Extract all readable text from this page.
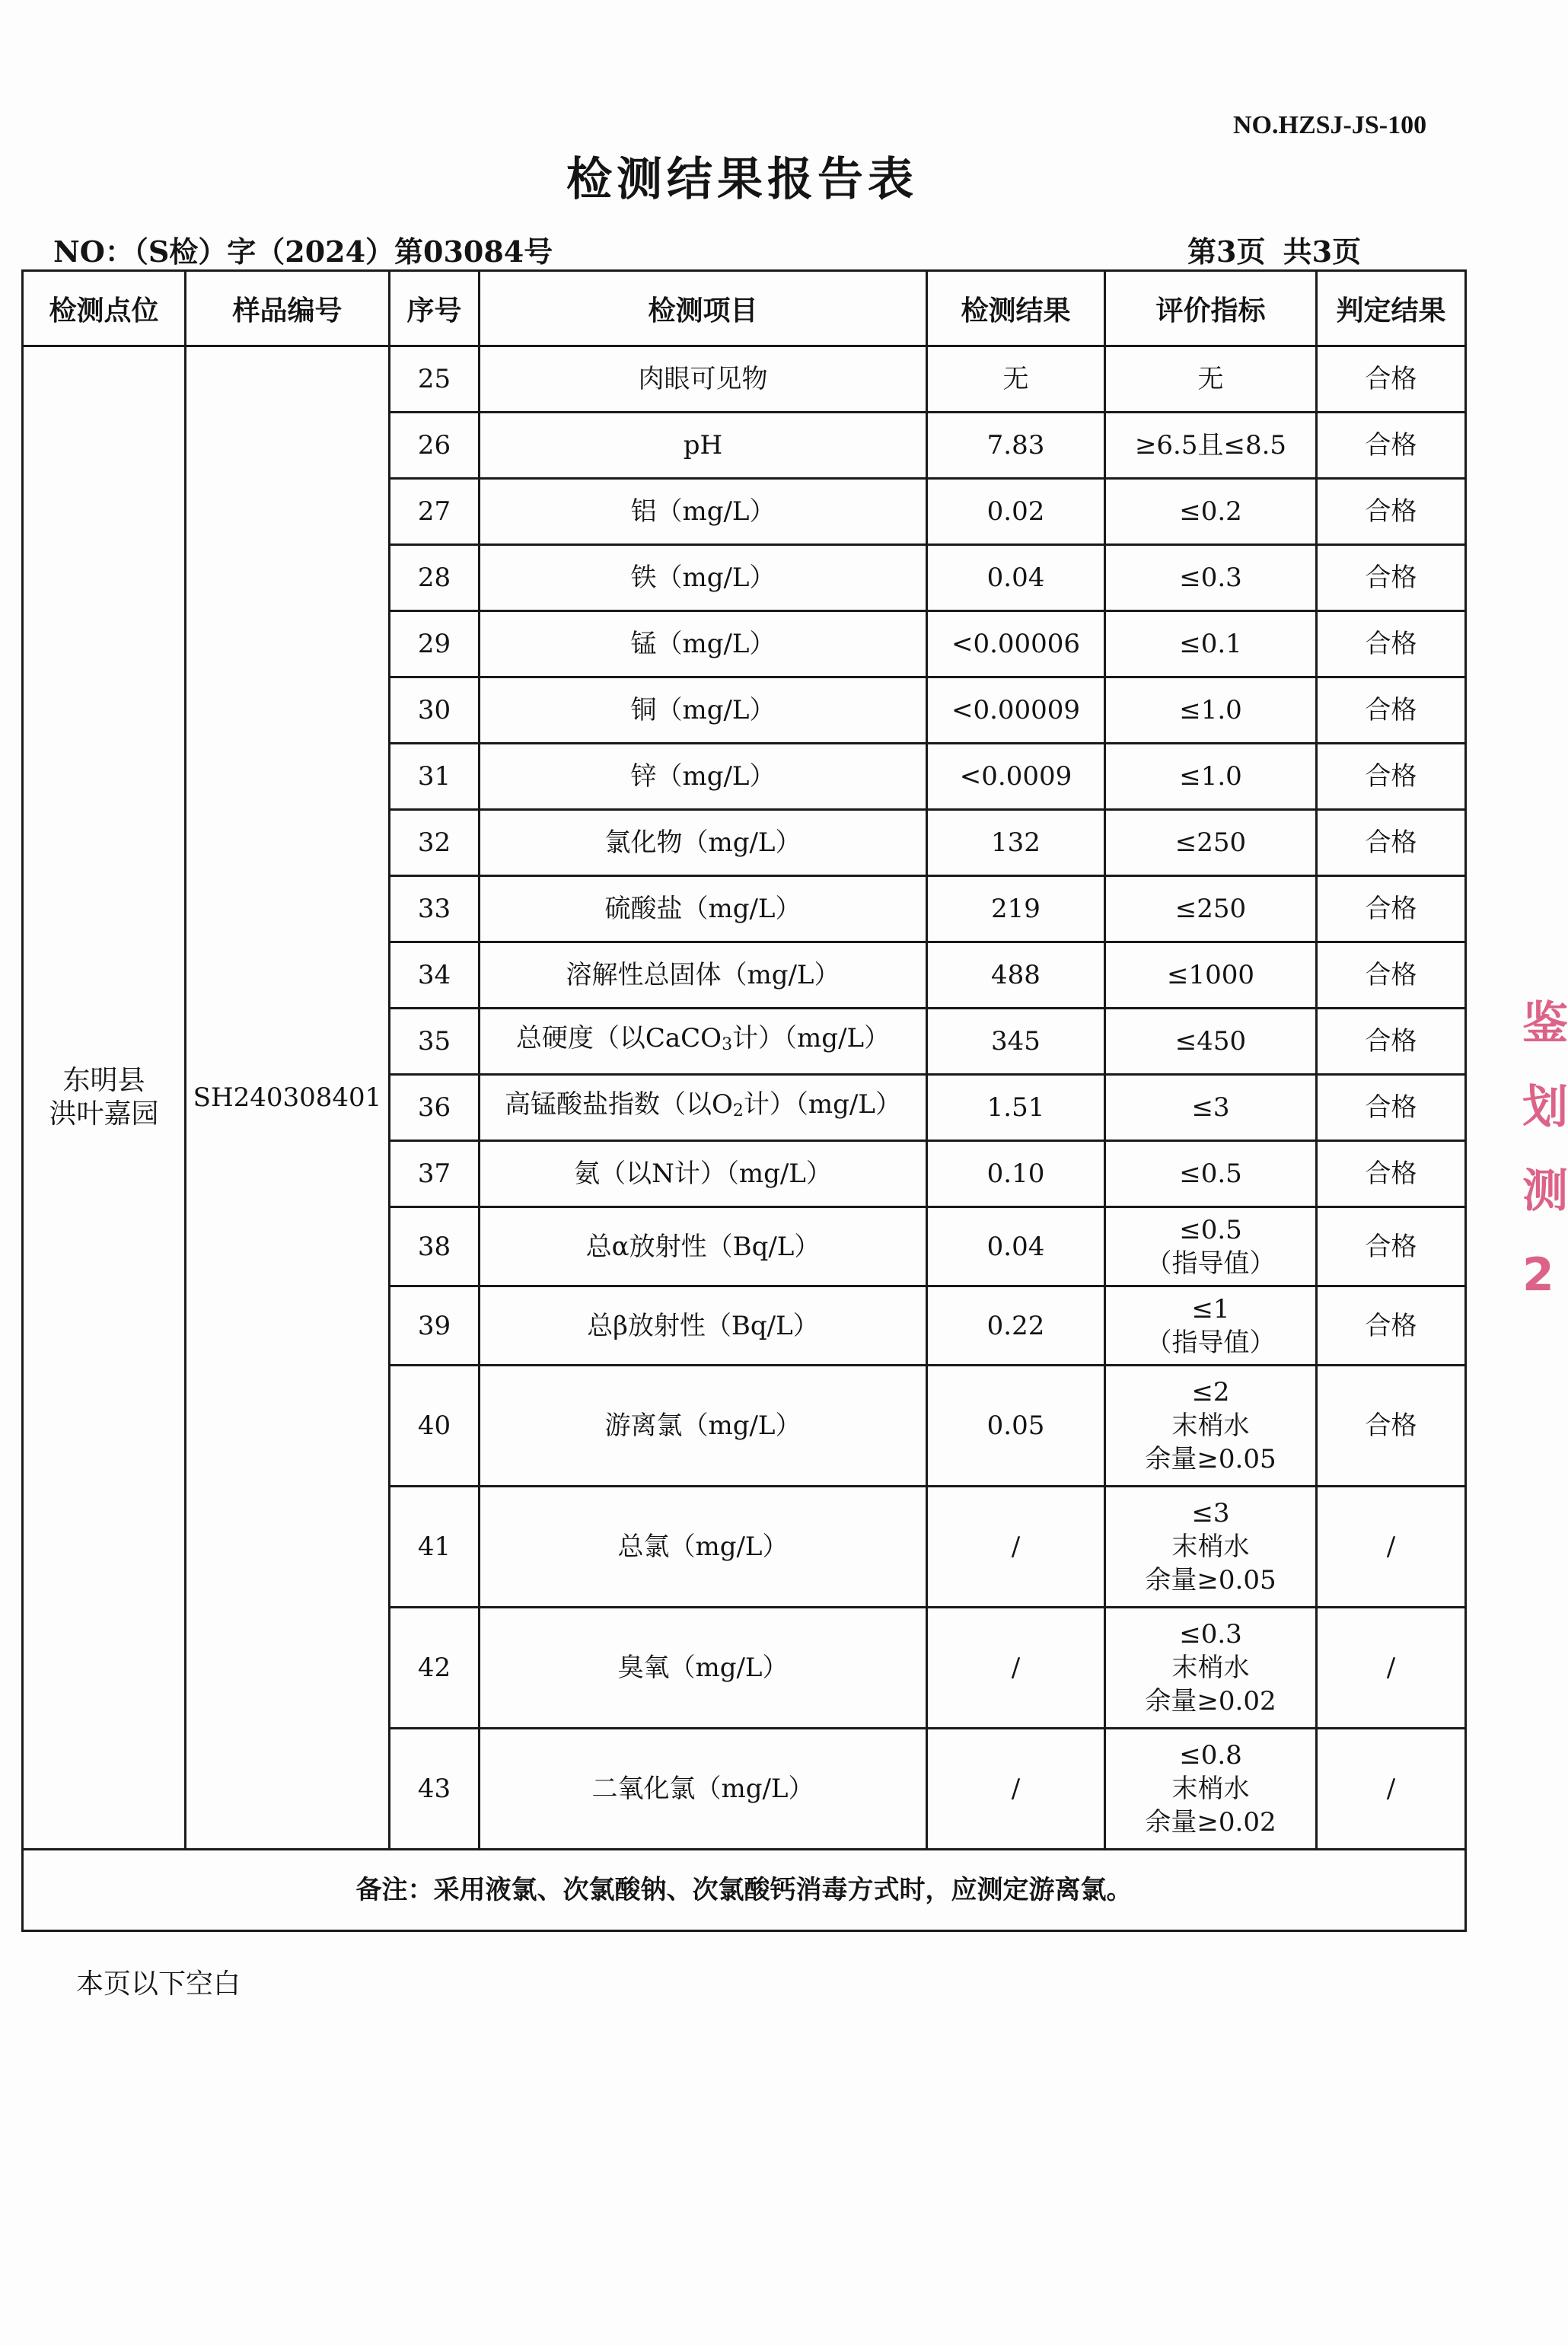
NO.HZSJ-JS-100
检测结果报告表
NO：（S检）字（2024）第03084号	第3页 共3页
检测点位	样品编号	序号	检测项目	检测结果	评价指标	判定结果

东明县
洪叶嘉园	SH240308401	25	肉眼可见物	无	无	合格
		26	pH	7.83	≥6.5且≤8.5	合格
		27	铝（mg/L）	0.02	≤0.2	合格
		28	铁（mg/L）	0.04	≤0.3	合格
		29	锰（mg/L）	<0.00006	≤0.1	合格
		30	铜（mg/L）	<0.00009	≤1.0	合格
		31	锌（mg/L）	<0.0009	≤1.0	合格
		32	氯化物（mg/L）	132	≤250	合格
		33	硫酸盐（mg/L）	219	≤250	合格
		34	溶解性总固体（mg/L）	488	≤1000	合格
		35	总硬度（以CaCO$_3$计）（mg/L）	345	≤450	合格
		36	高锰酸盐指数（以$O_2$计）（mg/L）	1.51	≤3	合格
		37	氨（以N计）（mg/L）	0.10	≤0.5	合格
		38	总α放射性（Bq/L）	0.04	≤0.5
（指导值）	合格
		39	总β放射性（Bq/L）	0.22	≤1
（指导值）	合格
		40	游离氯（mg/L）	0.05	≤2
末梢水
余量≥0.05	合格
		41	总氯（mg/L）	/	≤3
末梢水
余量≥0.05	/
		42	臭氧（mg/L）	/	≤0.3
末梢水
余量≥0.02	/
		43	二氧化氯（mg/L）	/	≤0.8
末梢水
余量≥0.02	/
备注：采用液氯、次氯酸钠、次氯酸钙消毒方式时，应测定游离氯。						
本页以下空白
鉴
划
测
2
